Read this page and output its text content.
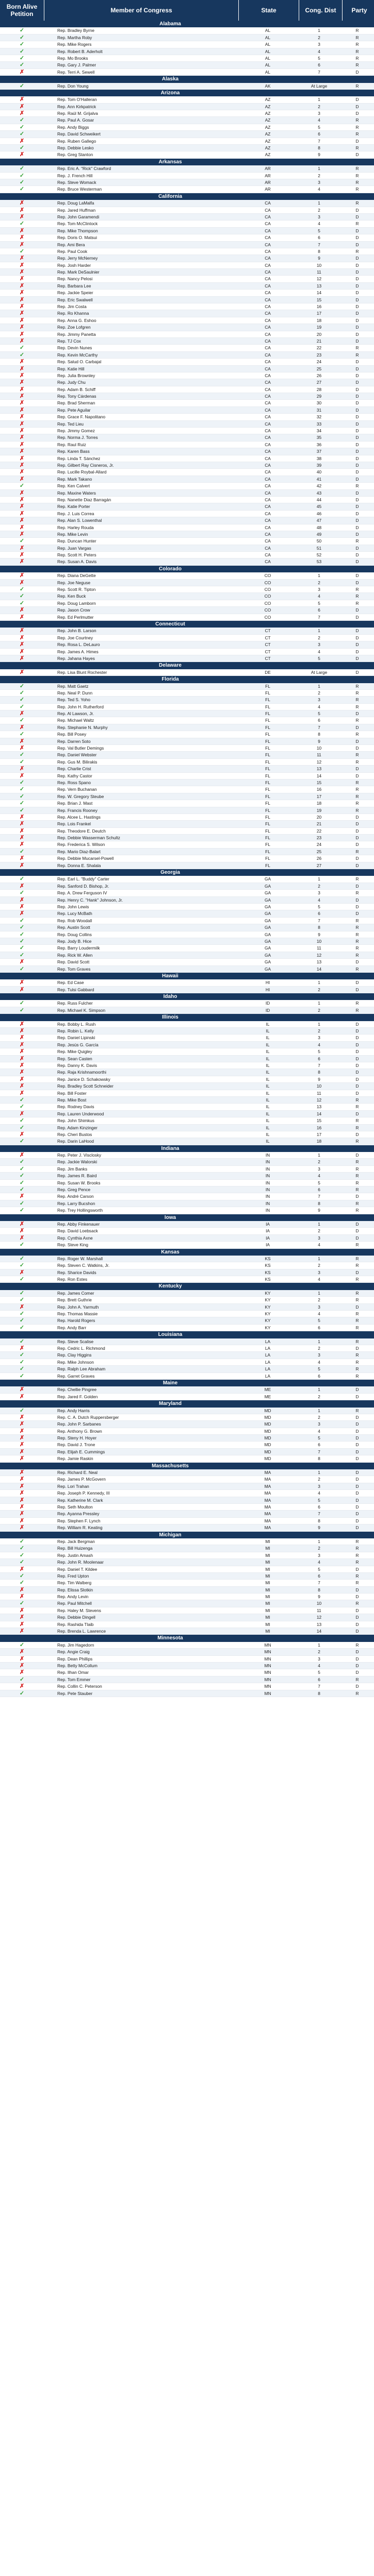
Born Alive Petition	Member of Congress	State	Cong. Dist	Party
Alabama
✓	Rep. Bradley Byrne	AL	1	R
✓	Rep. Martha Roby	AL	2	R
✓	Rep. Mike Rogers	AL	3	R
✓	Rep. Robert B. Aderholt	AL	4	R
✓	Rep. Mo Brooks	AL	5	R
✓	Rep. Gary J. Palmer	AL	6	R
✗	Rep. Terri A. Sewell	AL	7	D
Alaska
✓	Rep. Don Young	AK	At Large	R
Arizona
✗	Rep. Tom O'Halleran	AZ	1	D
✗	Rep. Ann Kirkpatrick	AZ	2	D
✗	Rep. Raúl M. Grijalva	AZ	3	D
✓	Rep. Paul A. Gosar	AZ	4	R
✓	Rep. Andy Biggs	AZ	5	R
✓	Rep. David Schweikert	AZ	6	R
✗	Rep. Ruben Gallego	AZ	7	D
✓	Rep. Debbie Lesko	AZ	8	R
✗	Rep. Greg Stanton	AZ	9	D
Arkansas
✓	Rep. Eric A. "Rick" Crawford	AR	1	R
✓	Rep. J. French Hill	AR	2	R
✓	Rep. Steve Womack	AR	3	R
✓	Rep. Bruce Westerman	AR	4	R
California
✗	Rep. Doug LaMalfa	CA	1	R
✗	Rep. Jared Huffman	CA	2	D
✗	Rep. John Garamendi	CA	3	D
✓	Rep. Tom McClintock	CA	4	R
✗	Rep. Mike Thompson	CA	5	D
✗	Rep. Doris O. Matsui	CA	6	D
✗	Rep. Ami Bera	CA	7	D
✓	Rep. Paul Cook	CA	8	R
✗	Rep. Jerry McNerney	CA	9	D
✗	Rep. Josh Harder	CA	10	D
✗	Rep. Mark DeSaulnier	CA	11	D
✗	Rep. Nancy Pelosi	CA	12	D
✗	Rep. Barbara Lee	CA	13	D
✗	Rep. Jackie Speier	CA	14	D
✗	Rep. Eric Swalwell	CA	15	D
✗	Rep. Jim Costa	CA	16	D
✗	Rep. Ro Khanna	CA	17	D
✗	Rep. Anna G. Eshoo	CA	18	D
✗	Rep. Zoe Lofgren	CA	19	D
✗	Rep. Jimmy Panetta	CA	20	D
✗	Rep. TJ Cox	CA	21	D
✓	Rep. Devin Nunes	CA	22	R
✓	Rep. Kevin McCarthy	CA	23	R
✗	Rep. Salud O. Carbajal	CA	24	D
✗	Rep. Katie Hill	CA	25	D
✗	Rep. Julia Brownley	CA	26	D
✗	Rep. Judy Chu	CA	27	D
✗	Rep. Adam B. Schiff	CA	28	D
✗	Rep. Tony Cárdenas	CA	29	D
✗	Rep. Brad Sherman	CA	30	D
✗	Rep. Pete Aguilar	CA	31	D
✗	Rep. Grace F. Napolitano	CA	32	D
✗	Rep. Ted Lieu	CA	33	D
✗	Rep. Jimmy Gomez	CA	34	D
✗	Rep. Norma J. Torres	CA	35	D
✗	Rep. Raul Ruiz	CA	36	D
✗	Rep. Karen Bass	CA	37	D
✗	Rep. Linda T. Sánchez	CA	38	D
✗	Rep. Gilbert Ray Cisneros, Jr.	CA	39	D
✗	Rep. Lucille Roybal-Allard	CA	40	D
✗	Rep. Mark Takano	CA	41	D
✓	Rep. Ken Calvert	CA	42	R
✗	Rep. Maxine Waters	CA	43	D
✗	Rep. Nanette Diaz Barragán	CA	44	D
✗	Rep. Katie Porter	CA	45	D
✗	Rep. J. Luis Correa	CA	46	D
✗	Rep. Alan S. Lowenthal	CA	47	D
✗	Rep. Harley Rouda	CA	48	D
✗	Rep. Mike Levin	CA	49	D
✓	Rep. Duncan Hunter	CA	50	R
✗	Rep. Juan Vargas	CA	51	D
✗	Rep. Scott H. Peters	CA	52	D
✗	Rep. Susan A. Davis	CA	53	D
Colorado
✗	Rep. Diana DeGette	CO	1	D
✗	Rep. Joe Neguse	CO	2	D
✓	Rep. Scott R. Tipton	CO	3	R
✓	Rep. Ken Buck	CO	4	R
✓	Rep. Doug Lamborn	CO	5	R
✗	Rep. Jason Crow	CO	6	D
✗	Rep. Ed Perlmutter	CO	7	D
Connecticut
✗	Rep. John B. Larson	CT	1	D
✗	Rep. Joe Courtney	CT	2	D
✗	Rep. Rosa L. DeLauro	CT	3	D
✗	Rep. James A. Himes	CT	4	D
✗	Rep. Jahana Hayes	CT	5	D
Delaware
✗	Rep. Lisa Blunt Rochester	DE	At Large	D
Florida
✓	Rep. Matt Gaetz	FL	1	R
✓	Rep. Neal P. Dunn	FL	2	R
✓	Rep. Ted S. Yoho	FL	3	R
✓	Rep. John H. Rutherford	FL	4	R
✗	Rep. Al Lawson, Jr.	FL	5	D
✓	Rep. Michael Waltz	FL	6	R
✗	Rep. Stephanie N. Murphy	FL	7	D
✓	Rep. Bill Posey	FL	8	R
✗	Rep. Darren Soto	FL	9	D
✗	Rep. Val Butler Demings	FL	10	D
✓	Rep. Daniel Webster	FL	11	R
✓	Rep. Gus M. Bilirakis	FL	12	R
✗	Rep. Charlie Crist	FL	13	D
✗	Rep. Kathy Castor	FL	14	D
✓	Rep. Ross Spano	FL	15	R
✓	Rep. Vern Buchanan	FL	16	R
✓	Rep. W. Gregory Steube	FL	17	R
✓	Rep. Brian J. Mast	FL	18	R
✓	Rep. Francis Rooney	FL	19	R
✗	Rep. Alcee L. Hastings	FL	20	D
✗	Rep. Lois Frankel	FL	21	D
✗	Rep. Theodore E. Deutch	FL	22	D
✗	Rep. Debbie Wasserman Schultz	FL	23	D
✗	Rep. Frederica S. Wilson	FL	24	D
✓	Rep. Mario Diaz-Balart	FL	25	R
✗	Rep. Debbie Mucarsel-Powell	FL	26	D
✗	Rep. Donna E. Shalala	FL	27	D
Georgia
✓	Rep. Earl L. "Buddy" Carter	GA	1	R
✗	Rep. Sanford D. Bishop, Jr.	GA	2	D
✓	Rep. A. Drew Ferguson IV	GA	3	R
✗	Rep. Henry C. "Hank" Johnson, Jr.	GA	4	D
✗	Rep. John Lewis	GA	5	D
✗	Rep. Lucy McBath	GA	6	D
✓	Rep. Rob Woodall	GA	7	R
✓	Rep. Austin Scott	GA	8	R
✓	Rep. Doug Collins	GA	9	R
✓	Rep. Jody B. Hice	GA	10	R
✓	Rep. Barry Loudermilk	GA	11	R
✓	Rep. Rick W. Allen	GA	12	R
✗	Rep. David Scott	GA	13	D
✓	Rep. Tom Graves	GA	14	R
Hawaii
✗	Rep. Ed Case	HI	1	D
✗	Rep. Tulsi Gabbard	HI	2	D
Idaho
✓	Rep. Russ Fulcher	ID	1	R
✓	Rep. Michael K. Simpson	ID	2	R
Illinois
✗	Rep. Bobby L. Rush	IL	1	D
✗	Rep. Robin L. Kelly	IL	2	D
✗	Rep. Daniel Lipinski	IL	3	D
✗	Rep. Jesús G. García	IL	4	D
✗	Rep. Mike Quigley	IL	5	D
✗	Rep. Sean Casten	IL	6	D
✗	Rep. Danny K. Davis	IL	7	D
✗	Rep. Raja Krishnamoorthi	IL	8	D
✗	Rep. Janice D. Schakowsky	IL	9	D
✗	Rep. Bradley Scott Schneider	IL	10	D
✗	Rep. Bill Foster	IL	11	D
✓	Rep. Mike Bost	IL	12	R
✓	Rep. Rodney Davis	IL	13	R
✗	Rep. Lauren Underwood	IL	14	D
✓	Rep. John Shimkus	IL	15	R
✓	Rep. Adam Kinzinger	IL	16	R
✗	Rep. Cheri Bustos	IL	17	D
✓	Rep. Darin LaHood	IL	18	R
Indiana
✗	Rep. Peter J. Visclosky	IN	1	D
✓	Rep. Jackie Walorski	IN	2	R
✓	Rep. Jim Banks	IN	3	R
✓	Rep. James R. Baird	IN	4	R
✓	Rep. Susan W. Brooks	IN	5	R
✓	Rep. Greg Pence	IN	6	R
✗	Rep. André Carson	IN	7	D
✓	Rep. Larry Bucshon	IN	8	R
✓	Rep. Trey Hollingsworth	IN	9	R
Iowa
✗	Rep. Abby Finkenauer	IA	1	D
✗	Rep. David Loebsack	IA	2	D
✗	Rep. Cynthia Axne	IA	3	D
✓	Rep. Steve King	IA	4	R
Kansas
✓	Rep. Roger W. Marshall	KS	1	R
✓	Rep. Steven C. Watkins, Jr.	KS	2	R
✗	Rep. Sharice Davids	KS	3	D
✓	Rep. Ron Estes	KS	4	R
Kentucky
✓	Rep. James Comer	KY	1	R
✓	Rep. Brett Guthrie	KY	2	R
✗	Rep. John A. Yarmuth	KY	3	D
✓	Rep. Thomas Massie	KY	4	R
✓	Rep. Harold Rogers	KY	5	R
✓	Rep. Andy Barr	KY	6	R
Louisiana
✓	Rep. Steve Scalise	LA	1	R
✗	Rep. Cedric L. Richmond	LA	2	D
✓	Rep. Clay Higgins	LA	3	R
✓	Rep. Mike Johnson	LA	4	R
✓	Rep. Ralph Lee Abraham	LA	5	R
✓	Rep. Garret Graves	LA	6	R
Maine
✗	Rep. Chellie Pingree	ME	1	D
✗	Rep. Jared F. Golden	ME	2	D
Maryland
✓	Rep. Andy Harris	MD	1	R
✗	Rep. C. A. Dutch Ruppersberger	MD	2	D
✗	Rep. John P. Sarbanes	MD	3	D
✗	Rep. Anthony G. Brown	MD	4	D
✗	Rep. Steny H. Hoyer	MD	5	D
✗	Rep. David J. Trone	MD	6	D
✗	Rep. Elijah E. Cummings	MD	7	D
✗	Rep. Jamie Raskin	MD	8	D
Massachusetts
✗	Rep. Richard E. Neal	MA	1	D
✗	Rep. James P. McGovern	MA	2	D
✗	Rep. Lori Trahan	MA	3	D
✗	Rep. Joseph P. Kennedy, III	MA	4	D
✗	Rep. Katherine M. Clark	MA	5	D
✗	Rep. Seth Moulton	MA	6	D
✗	Rep. Ayanna Pressley	MA	7	D
✗	Rep. Stephen F. Lynch	MA	8	D
✗	Rep. William R. Keating	MA	9	D
Michigan
✓	Rep. Jack Bergman	MI	1	R
✓	Rep. Bill Huizenga	MI	2	R
✓	Rep. Justin Amash	MI	3	R
✓	Rep. John R. Moolenaar	MI	4	R
✗	Rep. Daniel T. Kildee	MI	5	D
✓	Rep. Fred Upton	MI	6	R
✓	Rep. Tim Walberg	MI	7	R
✗	Rep. Elissa Slotkin	MI	8	D
✗	Rep. Andy Levin	MI	9	D
✓	Rep. Paul Mitchell	MI	10	R
✗	Rep. Haley M. Stevens	MI	11	D
✗	Rep. Debbie Dingell	MI	12	D
✗	Rep. Rashida Tlaib	MI	13	D
✗	Rep. Brenda L. Lawrence	MI	14	D
Minnesota
✓	Rep. Jim Hagedorn	MN	1	R
✗	Rep. Angie Craig	MN	2	D
✗	Rep. Dean Phillips	MN	3	D
✗	Rep. Betty McCollum	MN	4	D
✗	Rep. Ilhan Omar	MN	5	D
✓	Rep. Tom Emmer	MN	6	R
✗	Rep. Collin C. Peterson	MN	7	D
✓	Rep. Pete Stauber	MN	8	R
